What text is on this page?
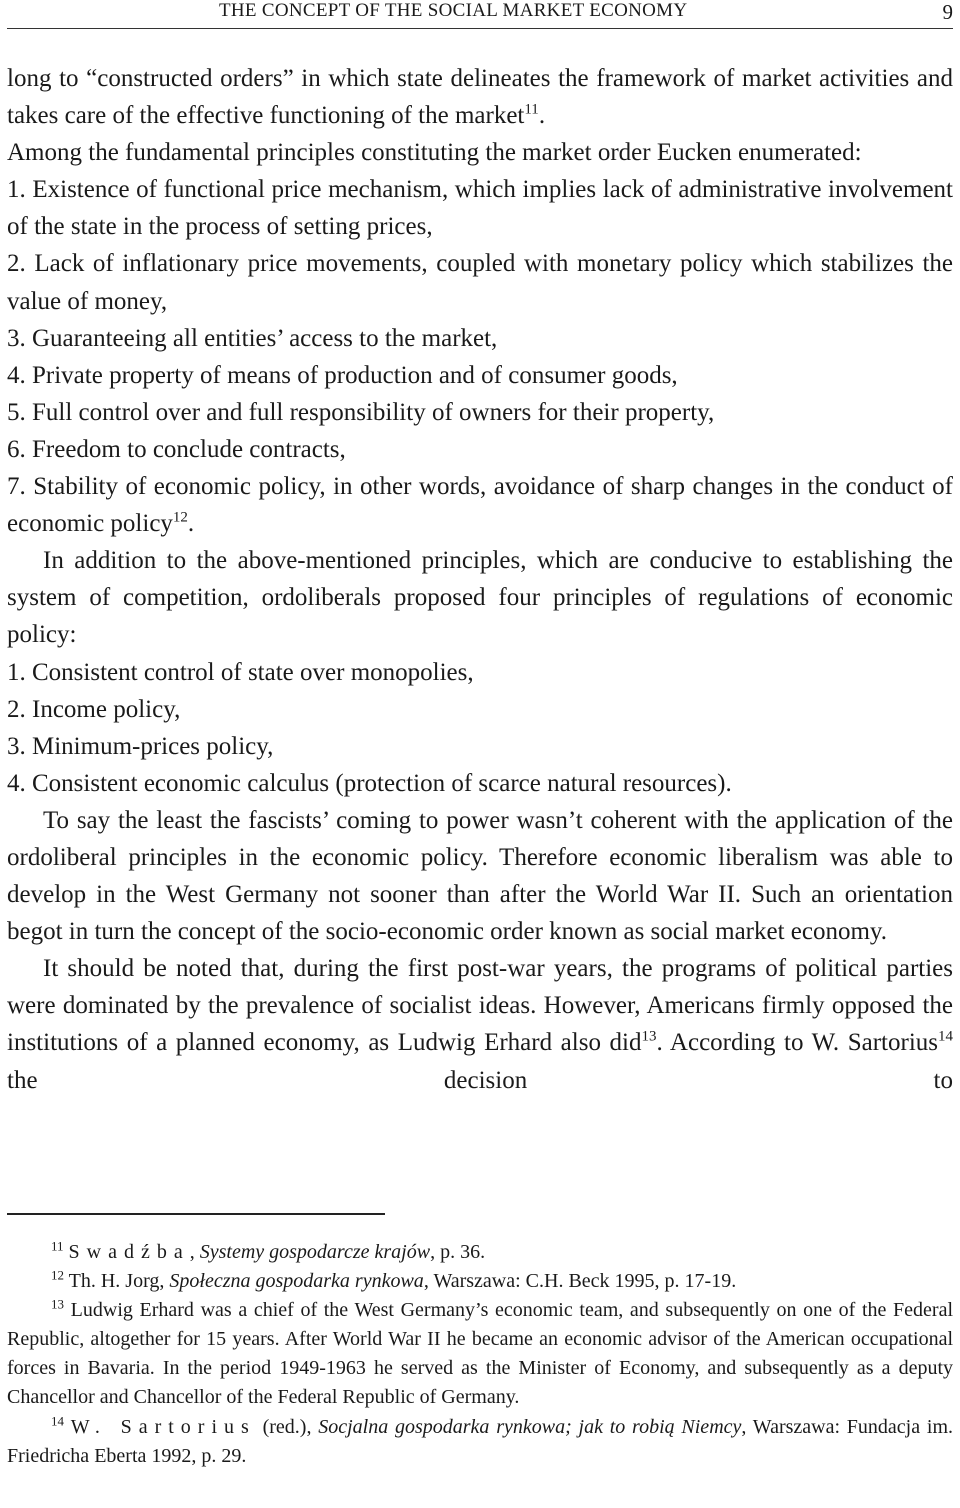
THE CONCEPT OF THE SOCIAL MARKET ECONOMY	9

long to “constructed orders” in which state delineates the framework of market activities and takes care of the effective functioning of the market$^{11}$.

Among the fundamental principles constituting the market order Eucken enumerated:

1. Existence of functional price mechanism, which implies lack of administrative involvement of the state in the process of setting prices,

2. Lack of inflationary price movements, coupled with monetary policy which stabilizes the value of money,

3. Guaranteeing all entities’ access to the market,

4. Private property of means of production and of consumer goods,

5. Full control over and full responsibility of owners for their property,

6. Freedom to conclude contracts,

7. Stability of economic policy, in other words, avoidance of sharp changes in the conduct of economic policy$^{12}$.

In addition to the above-mentioned principles, which are conducive to establishing the system of competition, ordoliberals proposed four principles of regulations of economic policy:

1. Consistent control of state over monopolies,

2. Income policy,

3. Minimum-prices policy,

4. Consistent economic calculus (protection of scarce natural resources).

To say the least the fascists’ coming to power wasn’t coherent with the application of the ordoliberal principles in the economic policy. Therefore economic liberalism was able to develop in the West Germany not sooner than after the World War II. Such an orientation begot in turn the concept of the socio-economic order known as social market economy.

It should be noted that, during the first post-war years, the programs of political parties were dominated by the prevalence of socialist ideas. However, Americans firmly opposed the institutions of a planned economy, as Ludwig Erhard also did$^{13}$. According to W. Sartorius$^{14}$ the decision to

$^{11}$ Swadźba, Systemy gospodarcze krajów, p. 36.

$^{12}$ Th. H. Jorg, Społeczna gospodarka rynkowa, Warszawa: C.H. Beck 1995, p. 17-19.

$^{13}$ Ludwig Erhard was a chief of the West Germany’s economic team, and subsequently on one of the Federal Republic, altogether for 15 years. After World War II he became an economic advisor of the American occupational forces in Bavaria. In the period 1949-1963 he served as the Minister of Economy, and subsequently as a deputy Chancellor and Chancellor of the Federal Republic of Germany.

$^{14}$ W. Sartorius (red.), Socjalna gospodarka rynkowa; jak to robią Niemcy, Warszawa: Fundacja im. Friedricha Eberta 1992, p. 29.
